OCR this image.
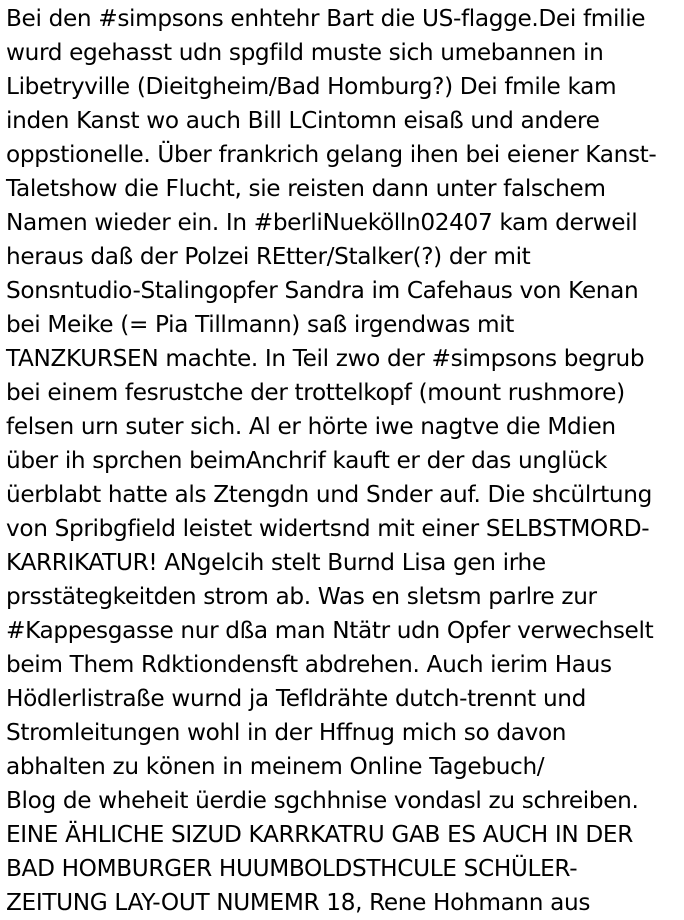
Bei den #simpsons enhtehr Bart die US-flagge.Dei fmilie
wurd egehasst udn spgfild muste sich umebannen in
Libetryville (Dieitgheim/Bad Homburg?) Dei fmile kam
inden Kanst wo auch Bill LCintomn eisaß und andere
oppstionelle. Über frankrich gelang ihen bei eiener Kanst-
Taletshow die Flucht, sie reisten dann unter falschem
Namen wieder ein. In #berliNuekölln02407 kam derweil
heraus daß der Polzei REtter/Stalker(?) der mit
Sonsntudio-Stalingopfer Sandra im Cafehaus von Kenan
bei Meike (= Pia Tillmann) saß irgendwas mit
TANZKURSEN machte. In Teil zwo der #simpsons begrub
bei einem fesrustche der trottelkopf (mount rushmore)
felsen urn suter sich. Al er hörte iwe nagtve die Mdien
über ih sprchen beimAnchrif kauft er der das unglück
üerblabt hatte als Ztengdn und Snder auf. Die shcülrtung
von Spribgfield leistet widertsnd mit einer SELBSTMORD-
KARRIKATUR! ANgelcih stelt Burnd Lisa gen irhe
prsstätegkeitden strom ab. Was en sletsm parlre zur
#Kappesgasse nur dßa man Ntätr udn Opfer verwechselt
beim Them Rdktiondensft abdrehen. Auch ierim Haus
Hödlerlistraße wurnd ja Tefldrähte dutch-trennt und
Stromleitungen wohl in der Hffnug mich so davon
abhalten zu kӧnen in meinem Online Tagebuch/
Blog de wheheit üerdie sgchhnise vondasl zu schreiben.
EINE ÄHLICHE SIZUD KARRKATRU GAB ES AUCH IN DER
BAD HOMBURGER HUUMBOLDSTHCULE SCHÜLER-
ZEITUNG LAY-OUT NUMEMR 18, Rene Hohmann aus
